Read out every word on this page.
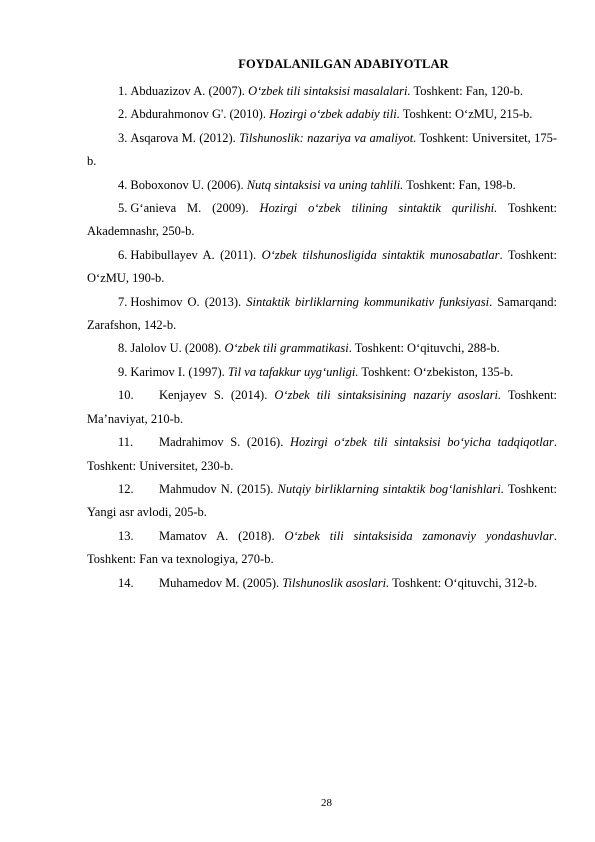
FOYDALANILGAN ADABIYOTLAR

1. Abduazizov A. (2007). O‘zbek tili sintaksisi masalalari. Toshkent: Fan, 120-b.

2. Abdurahmonov G'. (2010). Hozirgi o‘zbek adabiy tili. Toshkent: O‘zMU, 215-b.

3. Asqarova M. (2012). Tilshunoslik: nazariya va amaliyot. Toshkent: Universitet, 175-b.

4. Boboxonov U. (2006). Nutq sintaksisi va uning tahlili. Toshkent: Fan, 198-b.

5. G‘anieva M. (2009). Hozirgi o‘zbek tilining sintaktik qurilishi. Toshkent: Akademnashr, 250-b.

6. Habibullayev A. (2011). O‘zbek tilshunosligida sintaktik munosabatlar. Toshkent: O‘zMU, 190-b.

7. Hoshimov O. (2013). Sintaktik birliklarning kommunikativ funksiyasi. Samarqand: Zarafshon, 142-b.

8. Jalolov U. (2008). O‘zbek tili grammatikasi. Toshkent: O‘qituvchi, 288-b.

9. Karimov I. (1997). Til va tafakkur uyg‘unligi. Toshkent: O‘zbekiston, 135-b.

10. Kenjayev S. (2014). O‘zbek tili sintaksisining nazariy asoslari. Toshkent: Ma’naviyat, 210-b.

11. Madrahimov S. (2016). Hozirgi o‘zbek tili sintaksisi bo‘yicha tadqiqotlar. Toshkent: Universitet, 230-b.

12. Mahmudov N. (2015). Nutqiy birliklarning sintaktik bog‘lanishlari. Toshkent: Yangi asr avlodi, 205-b.

13. Mamatov A. (2018). O‘zbek tili sintaksisida zamonaviy yondashuvlar. Toshkent: Fan va texnologiya, 270-b.

14. Muhamedov M. (2005). Tilshunoslik asoslari. Toshkent: O‘qituvchi, 312-b.

28
